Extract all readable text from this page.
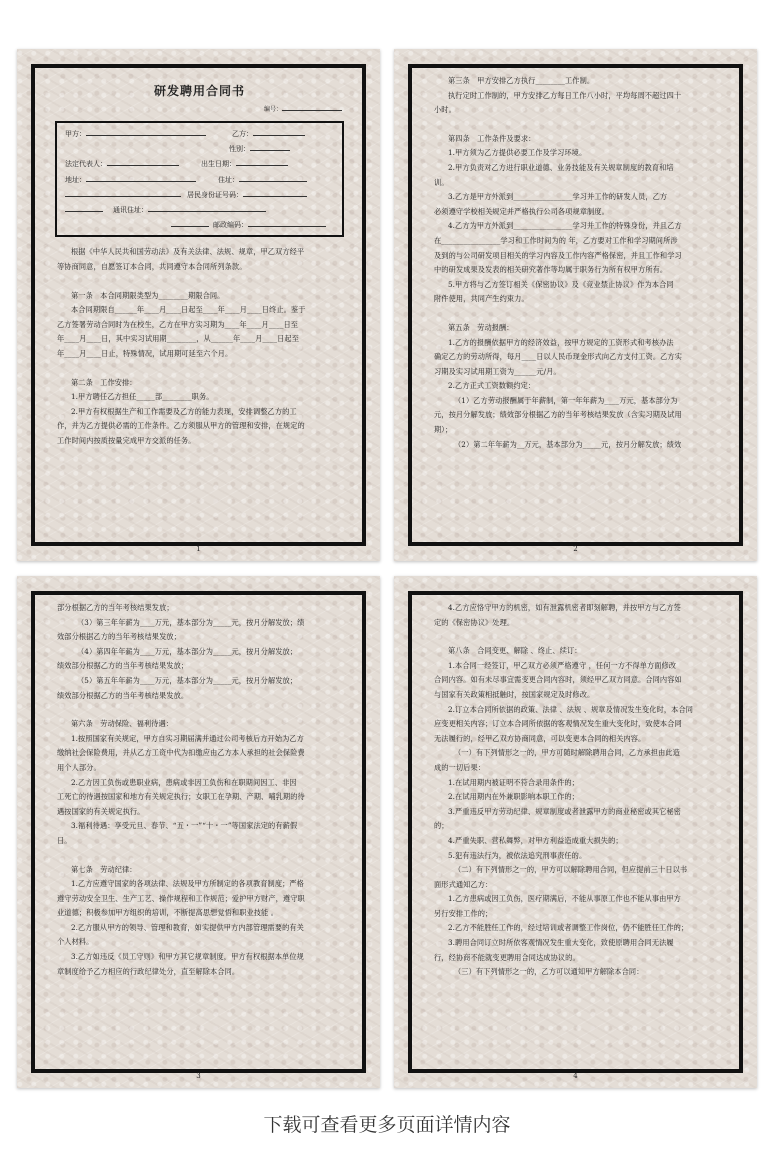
研发聘用合同书
编号：
甲方：	乙方：
性别：
法定代表人：	出生日期：
地址：	住址：
居民身份证号码：
通讯住址：
邮政编码：
根据《中华人民共和国劳动法》及有关法律、法规、规章，甲乙双方经平
等协商同意，自愿签订本合同，共同遵守本合同所列条款。
第一条　本合同期限类型为________期限合同。
本合同期限自______年____月____日起至____年____月____日终止。鉴于
乙方签署劳动合同时为在校生，乙方在甲方实习期为____年____月____日至
年____月____日，其中实习试用期________，从______年____月____日起至
年____月____日止，特殊情况，试用期可延至六个月。
第二条　工作安排：
1.甲方聘任乙方担任_____部________职务。
2.甲方有权根据生产和工作需要及乙方的能力表现，安排调整乙方的工
作，并为乙方提供必需的工作条件。乙方须服从甲方的管理和安排，在规定的
工作时间内按质按量完成甲方交派的任务。
1
第三条　甲方安排乙方执行________工作制。
执行定时工作制的，甲方安排乙方每日工作八小时，平均每周不超过四十
小时。
第四条　工作条件及要求：
1.甲方须为乙方提供必要工作及学习环境。
2.甲方负责对乙方进行职业道德、业务技能及有关规章制度的教育和培
训。
3.乙方是甲方外派到________________学习并工作的研发人员，乙方
必须遵守学校相关规定并严格执行公司各项规章制度。
4.乙方为甲方外派到________________学习并工作的特殊身份，并且乙方
在________________学习和工作时间为的 年，乙方要对工作和学习期间所涉
及到的与公司研发项目相关的学习内容及工作内容严格保密，并且工作和学习
中的研发成果及发表的相关研究著作等均属于职务行为所有权甲方所有。
5.甲方将与乙方签订相关《保密协议》及《竞业禁止协议》作为本合同
附件使用，共同产生约束力。
第五条　劳动报酬：
1.乙方的报酬依据甲方的经济效益，按甲方规定的工资形式和考核办法
确定乙方的劳动所得，每月____日以人民币现金形式向乙方支付工资。乙方实
习期及实习试用期工资为______元/月。
2.乙方正式工资数额约定：
（1）乙方劳动报酬属于年薪制，第一年年薪为____万元，基本部分为
元，按月分解发放；绩效部分根据乙方的当年考核结果发放（含实习期及试用
期）；
（2）第二年年薪为__万元，基本部分为_____元，按月分解发放；绩效
2
部分根据乙方的当年考核结果发放；
（3）第三年年薪为____万元，基本部分为_____元，按月分解发放；绩
效部分根据乙方的当年考核结果发放；
（4）第四年年薪为____万元，基本部分为_____元，按月分解发放；
绩效部分根据乙方的当年考核结果发放；
（5）第五年年薪为____万元，基本部分为_____元，按月分解发放；
绩效部分根据乙方的当年考核结果发放。
第六条　劳动保险、福利待遇：
1.按照国家有关规定，甲方自实习期届满并通过公司考核后方开始为乙方
缴纳社会保险费用，并从乙方工资中代为扣缴应由乙方本人承担的社会保险费
用个人部分。
2.乙方因工负伤或患职业病，患病或非因工负伤和在职期间因工、非因
工死亡的待遇按国家和地方有关规定执行；女职工在孕期、产期、哺乳期的待
遇按国家的有关规定执行。
3.福利待遇：享受元旦、春节、“五・一”“十・一”等国家法定的有薪假
日。
第七条　劳动纪律：
1.乙方应遵守国家的各项法律、法规及甲方所制定的各项教育制度；严格
遵守劳动安全卫生、生产工艺、操作规程和工作规范；爱护甲方财产，遵守职
业道德；积极参加甲方组织的培训，不断提高思想觉悟和职业技能 。
2.乙方服从甲方的领导、管理和教育，如实提供甲方内部管理需要的有关
个人材料。
3.乙方如违反《员工守则》和甲方其它规章制度，甲方有权根据本单位规
章制度给予乙方相应的行政纪律处分，直至解除本合同。
3
4.乙方应恪守甲方的机密，如有泄露机密者即刻解聘，并按甲方与乙方签
定的《保密协议》处理。
第八条　合同变更、解除 、终止、续订：
1.本合同一经签订，甲乙双方必须严格遵守 ，任何一方不得单方面修改
合同内容。如有未尽事宜需变更合同内容时，须经甲乙双方同意。合同内容如
与国家有关政策相抵触时，按国家规定及时修改。
2.订立本合同所依据的政策、法律 、法规 、规章及情况发生变化时，本合同
应变更相关内容；订立本合同所依据的客观情况发生重大变化时，致使本合同
无法履行的，经甲乙双方协商同意，可以变更本合同的相关内容。
（一）有下列情形之一的，甲方可随时解除聘用合同，乙方承担由此造
成的一切后果：
1.在试用期内被证明不符合录用条件的；
2.在试用期内在外兼职影响本职工作的；
3.严重违反甲方劳动纪律、规章制度或者泄露甲方的商业秘密或其它秘密
的；
4.严重失职、营私舞弊，对甲方利益造成重大损失的；
5.犯有违法行为，被依法追究刑事责任的。
（二）有下列情形之一的，甲方可以解除聘用合同，但应提前三十日以书
面形式通知乙方：
1.乙方患病或因工负伤，医疗期满后，不能从事原工作也不能从事由甲方
另行安排工作的；
2.乙方不能胜任工作的，经过培训或者调整工作岗位，仍不能胜任工作的；
3.聘用合同订立时所依客观情况发生重大变化，致使原聘用合同无法履
行，经协商不能就变更聘用合同达成协议的。
（三）有下列情形之一的，乙方可以通知甲方解除本合同：
4
下载可查看更多页面详情内容
